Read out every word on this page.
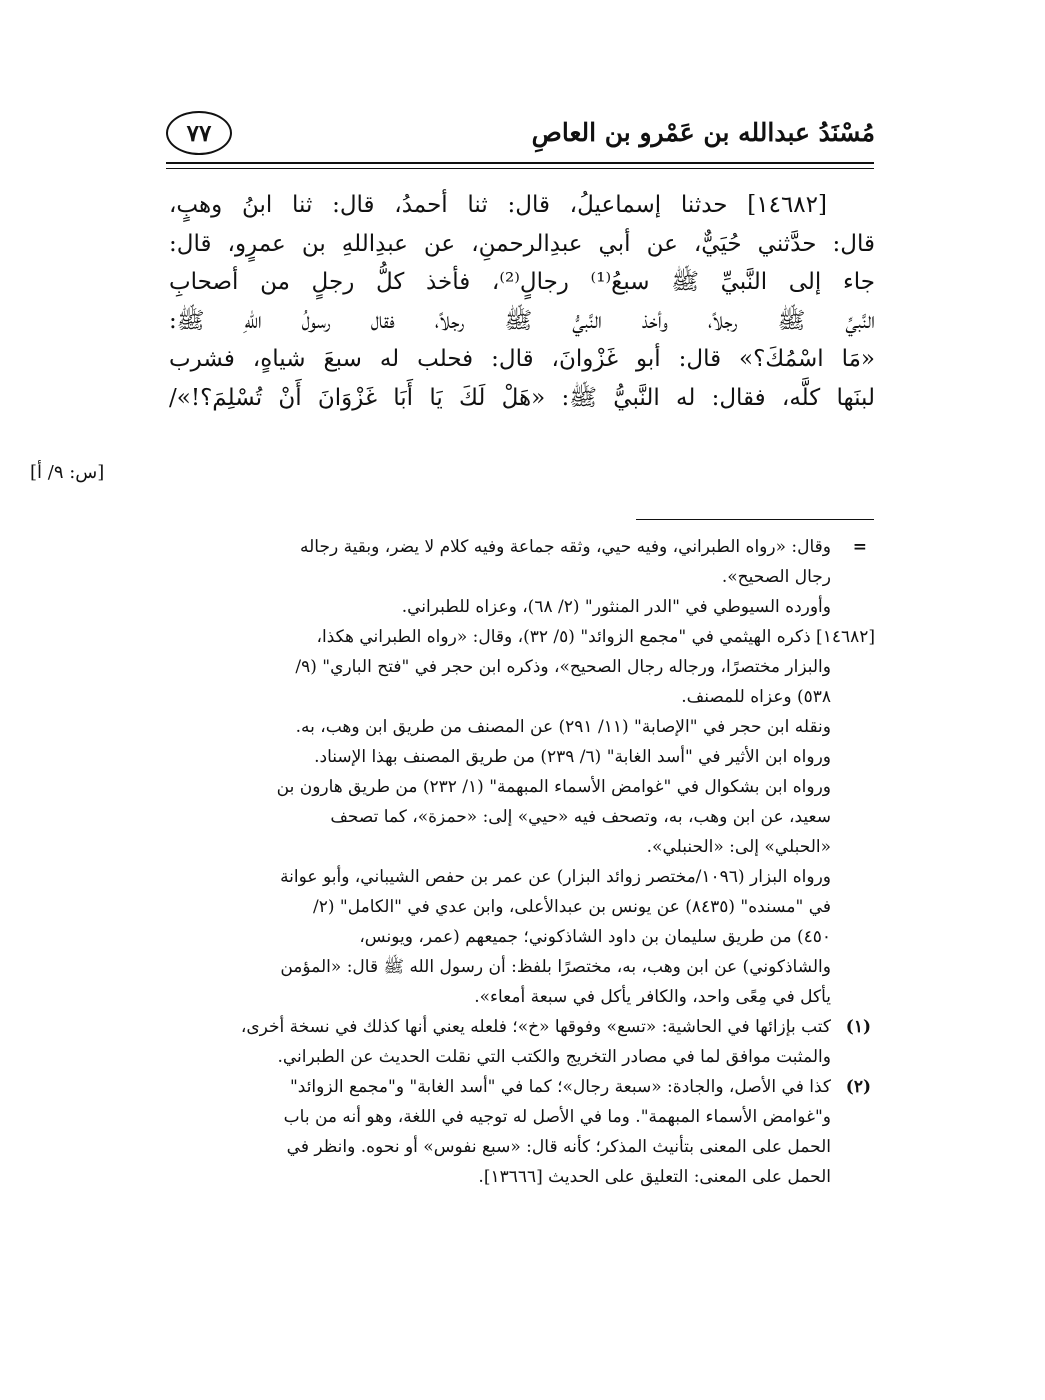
مُسْنَدُ عبدالله بن عَمْرو بن العاصِ
٧٧
[١٤٦٨٢] حدثنا إسماعيلُ، قال: ثنا أحمدُ، قال: ثنا ابنُ وهبٍ،
قال: حدَّثني حُيَيٌّ، عن أبي عبدِالرحمنِ، عن عبدِاللهِ بن عمرٍو، قال:
جاء إلى النَّبيِّ ﷺ سبعُ⁽¹⁾ رجالٍ⁽²⁾، فأخذ كلُّ رجلٍ من أصحابِ
النَّبيِّ ﷺ رجلاً، وأخذ النَّبيُّ ﷺ رجلاً، فقال رسولُ اللهِ ﷺ:
«مَا اسْمُكَ؟» قال: أبو غَزْوانَ، قال: فحلب له سبعَ شياهٍ، فشرب
لبنَها كلَّه، فقال: له النَّبيُّ ﷺ: «هَلْ لَكَ يَا أَبَا غَزْوَانَ أَنْ تُسْلِمَ؟!»/
[س: ٩/ أ]
=
وقال: «رواه الطبراني، وفيه حيي، وثقه جماعة وفيه كلام لا يضر، وبقية رجاله
رجال الصحيح».
وأورده السيوطي في "الدر المنثور" (٢/ ٦٨)، وعزاه للطبراني.
[١٤٦٨٢] ذكره الهيثمي في "مجمع الزوائد" (٥/ ٣٢)، وقال: «رواه الطبراني هكذا،
والبزار مختصرًا، ورجاله رجال الصحيح»، وذكره ابن حجر في "فتح الباري" (٩/
٥٣٨) وعزاه للمصنف.
ونقله ابن حجر في "الإصابة" (١١/ ٢٩١) عن المصنف من طريق ابن وهب، به.
ورواه ابن الأثير في "أسد الغابة" (٦/ ٢٣٩) من طريق المصنف بهذا الإسناد.
ورواه ابن بشكوال في "غوامض الأسماء المبهمة" (١/ ٢٣٢) من طريق هارون بن
سعيد، عن ابن وهب، به، وتصحف فيه «حيي» إلى: «حمزة»، كما تصحف
«الحبلي» إلى: «الحنبلي».
ورواه البزار (١٠٩٦/مختصر زوائد البزار) عن عمر بن حفص الشيباني، وأبو عوانة
في "مسنده" (٨٤٣٥) عن يونس بن عبدالأعلى، وابن عدي في "الكامل" (٢/
٤٥٠) من طريق سليمان بن داود الشاذكوني؛ جميعهم (عمر، ويونس،
والشاذكوني) عن ابن وهب، به، مختصرًا بلفظ: أن رسول الله ﷺ قال: «المؤمن
يأكل في مِعًى واحد، والكافر يأكل في سبعة أمعاء».
(١)
كتب بإزائها في الحاشية: «تسع» وفوقها «خ»؛ فلعله يعني أنها كذلك في نسخة أخرى،
والمثبت موافق لما في مصادر التخريج والكتب التي نقلت الحديث عن الطبراني.
(٢)
كذا في الأصل، والجادة: «سبعة رجال»؛ كما في "أسد الغابة" و"مجمع الزوائد"
و"غوامض الأسماء المبهمة". وما في الأصل له توجيه في اللغة، وهو أنه من باب
الحمل على المعنى بتأنيث المذكر؛ كأنه قال: «سبع نفوس» أو نحوه. وانظر في
الحمل على المعنى: التعليق على الحديث [١٣٦٦٦].
